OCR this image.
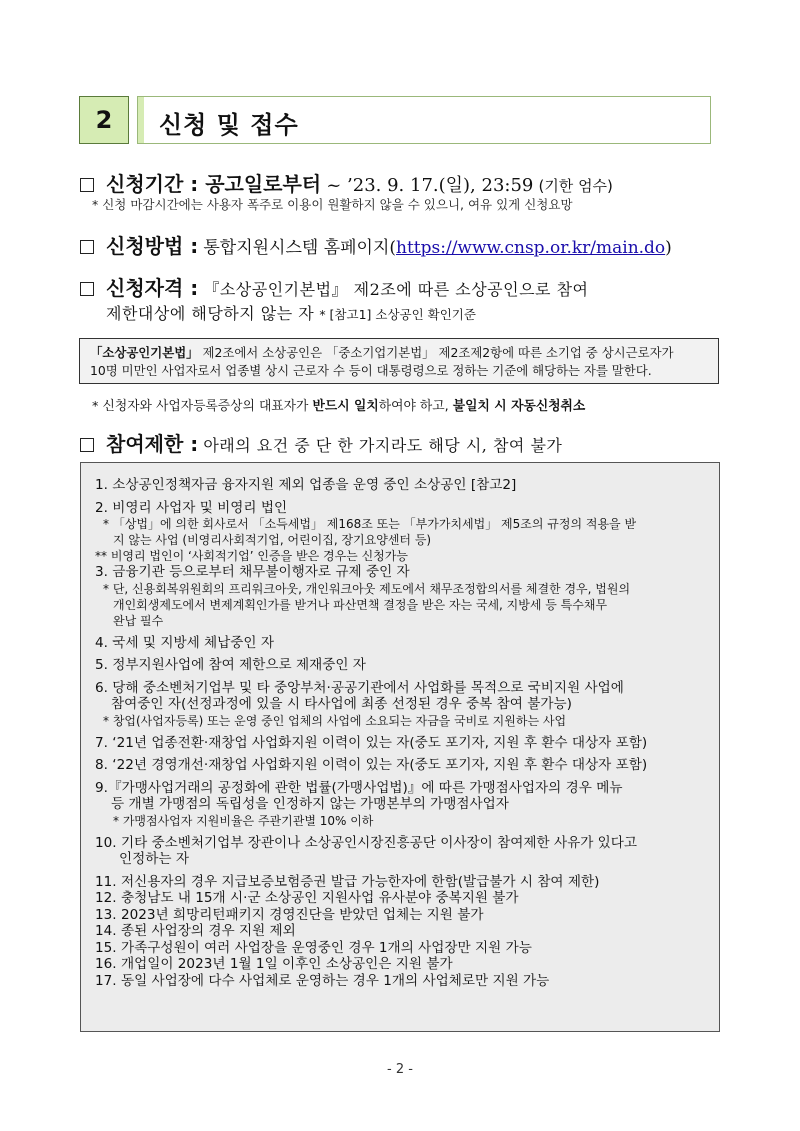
2	신청 및 접수
신청기간 : 공고일로부터 ~ ’23. 9. 17.(일), 23:59 (기한 엄수)
* 신청 마감시간에는 사용자 폭주로 이용이 원활하지 않을 수 있으니, 여유 있게 신청요망
신청방법 : 통합지원시스템 홈페이지(https://www.cnsp.or.kr/main.do)
신청자격 : 『소상공인기본법』 제2조에 따른 소상공인으로 참여
제한대상에 해당하지 않는 자 * [참고1] 소상공인 확인기준
「소상공인기본법」 제2조에서 소상공인은 「중소기업기본법」 제2조제2항에 따른 소기업 중 상시근로자가
10명 미만인 사업자로서 업종별 상시 근로자 수 등이 대통령령으로 정하는 기준에 해당하는 자를 말한다.
* 신청자와 사업자등록증상의 대표자가 반드시 일치하여야 하고, 불일치 시 자동신청취소
참여제한 : 아래의 요건 중 단 한 가지라도 해당 시, 참여 불가
1. 소상공인정책자금 융자지원 제외 업종을 운영 중인 소상공인 [참고2]
2. 비영리 사업자 및 비영리 법인
* 「상법」에 의한 회사로서 「소득세법」 제168조 또는 「부가가치세법」 제5조의 규정의 적용을 받
지 않는 사업 (비영리사회적기업, 어린이집, 장기요양센터 등)
** 비영리 법인이 ‘사회적기업’ 인증을 받은 경우는 신청가능
3. 금융기관 등으로부터 채무불이행자로 규제 중인 자
* 단, 신용회복위원회의 프리워크아웃, 개인워크아웃 제도에서 채무조정합의서를 체결한 경우, 법원의
개인회생제도에서 변제계획인가를 받거나 파산면책 결정을 받은 자는 국세, 지방세 등 특수채무
완납 필수
4. 국세 및 지방세 체납중인 자
5. 정부지원사업에 참여 제한으로 제재중인 자
6. 당해 중소벤처기업부 및 타 중앙부처·공공기관에서 사업화를 목적으로 국비지원 사업에
참여중인 자(선정과정에 있을 시 타사업에 최종 선정된 경우 중복 참여 불가능)
* 창업(사업자등록) 또는 운영 중인 업체의 사업에 소요되는 자금을 국비로 지원하는 사업
7. ‘21년 업종전환·재창업 사업화지원 이력이 있는 자(중도 포기자, 지원 후 환수 대상자 포함)
8. ‘22년 경영개선·재창업 사업화지원 이력이 있는 자(중도 포기자, 지원 후 환수 대상자 포함)
9.『가맹사업거래의 공정화에 관한 법률(가맹사업법)』에 따른 가맹점사업자의 경우 메뉴
등 개별 가맹점의 독립성을 인정하지 않는 가맹본부의 가맹점사업자
* 가맹점사업자 지원비율은 주관기관별 10% 이하
10. 기타 중소벤처기업부 장관이나 소상공인시장진흥공단 이사장이 참여제한 사유가 있다고
인정하는 자
11. 저신용자의 경우 지급보증보험증권 발급 가능한자에 한함(발급불가 시 참여 제한)
12. 충청남도 내 15개 시·군 소상공인 지원사업 유사분야 중복지원 불가
13. 2023년 희망리턴패키지 경영진단을 받았던 업체는 지원 불가
14. 종된 사업장의 경우 지원 제외
15. 가족구성원이 여러 사업장을 운영중인 경우 1개의 사업장만 지원 가능
16. 개업일이 2023년 1월 1일 이후인 소상공인은 지원 불가
17. 동일 사업장에 다수 사업체로 운영하는 경우 1개의 사업체로만 지원 가능
- 2 -
